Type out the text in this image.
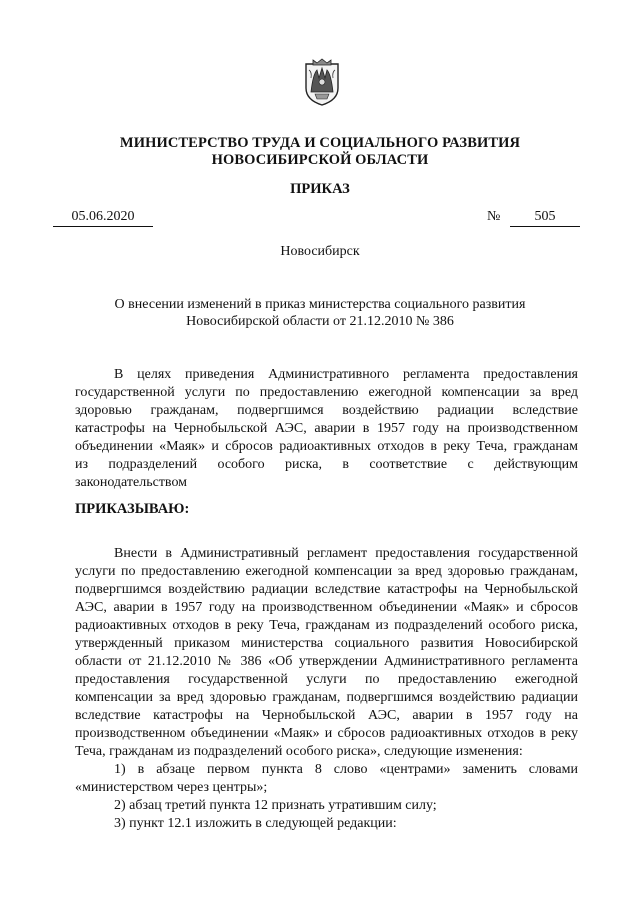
МИНИСТЕРСТВО ТРУДА И СОЦИАЛЬНОГО РАЗВИТИЯ
НОВОСИБИРСКОЙ ОБЛАСТИ
ПРИКАЗ
05.06.2020	№	505
Новосибирск
О внесении изменений в приказ министерства социального развития
Новосибирской области от 21.12.2010 № 386
В целях приведения Административного регламента предоставления
государственной услуги по предоставлению ежегодной компенсации за вред
здоровью гражданам, подвергшимся воздействию радиации вследствие
катастрофы на Чернобыльской АЭС, аварии в 1957 году на производственном
объединении «Маяк» и сбросов радиоактивных отходов в реку Теча, гражданам
из подразделений особого риска, в соответствие с действующим
законодательством
ПРИКАЗЫВАЮ:
Внести в Административный регламент предоставления государственной
услуги по предоставлению ежегодной компенсации за вред здоровью гражданам,
подвергшимся воздействию радиации вследствие катастрофы на Чернобыльской
АЭС, аварии в 1957 году на производственном объединении «Маяк» и сбросов
радиоактивных отходов в реку Теча, гражданам из подразделений особого риска,
утвержденный приказом министерства социального развития Новосибирской
области от 21.12.2010 № 386 «Об утверждении Административного регламента
предоставления государственной услуги по предоставлению ежегодной
компенсации за вред здоровью гражданам, подвергшимся воздействию радиации
вследствие катастрофы на Чернобыльской АЭС, аварии в 1957 году на
производственном объединении «Маяк» и сбросов радиоактивных отходов в реку
Теча, гражданам из подразделений особого риска», следующие изменения:
1) в абзаце первом пункта 8 слово «центрами» заменить словами
«министерством через центры»;
2) абзац третий пункта 12 признать утратившим силу;
3) пункт 12.1 изложить в следующей редакции:
